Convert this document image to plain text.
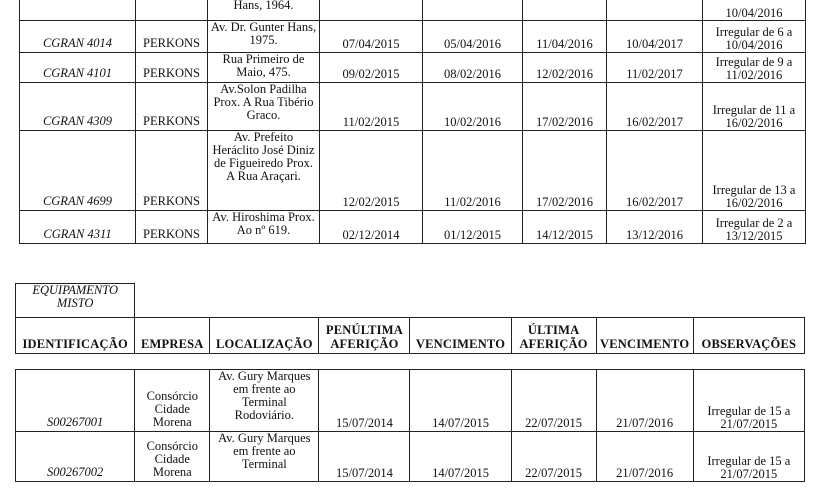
		Hans, 1964.					10/04/2016
CGRAN 4014	PERKONS	Av. Dr. Gunter Hans, 1975.	07/04/2015	05/04/2016	11/04/2016	10/04/2017	Irregular de 6 a 10/04/2016
CGRAN 4101	PERKONS	Rua Primeiro de Maio, 475.	09/02/2015	08/02/2016	12/02/2016	11/02/2017	Irregular de 9 a 11/02/2016
CGRAN 4309	PERKONS	Av.Solon Padilha Prox. A Rua Tibério Graco.	11/02/2015	10/02/2016	17/02/2016	16/02/2017	Irregular de 11 a 16/02/2016
CGRAN 4699	PERKONS	Av. Prefeito Heráclito José Diniz de Figueiredo Prox. A Rua Araçari.	12/02/2015	11/02/2016	17/02/2016	16/02/2017	Irregular de 13 a 16/02/2016
CGRAN 4311	PERKONS	Av. Hiroshima Prox. Ao nº 619.	02/12/2014	01/12/2015	14/12/2015	13/12/2016	Irregular de 2 a 13/12/2015
EQUIPAMENTO MISTO							
IDENTIFICAÇÃO	EMPRESA	LOCALIZAÇÃO	PENÚLTIMA AFERIÇÃO	VENCIMENTO	ÚLTIMA AFERIÇÃO	VENCIMENTO	OBSERVAÇÕES
S00267001	Consórcio Cidade Morena	Av. Gury Marques em frente ao Terminal Rodoviário.	15/07/2014	14/07/2015	22/07/2015	21/07/2016	Irregular de 15 a 21/07/2015
S00267002	Consórcio Cidade Morena	Av. Gury Marques em frente ao Terminal	15/07/2014	14/07/2015	22/07/2015	21/07/2016	Irregular de 15 a 21/07/2015
